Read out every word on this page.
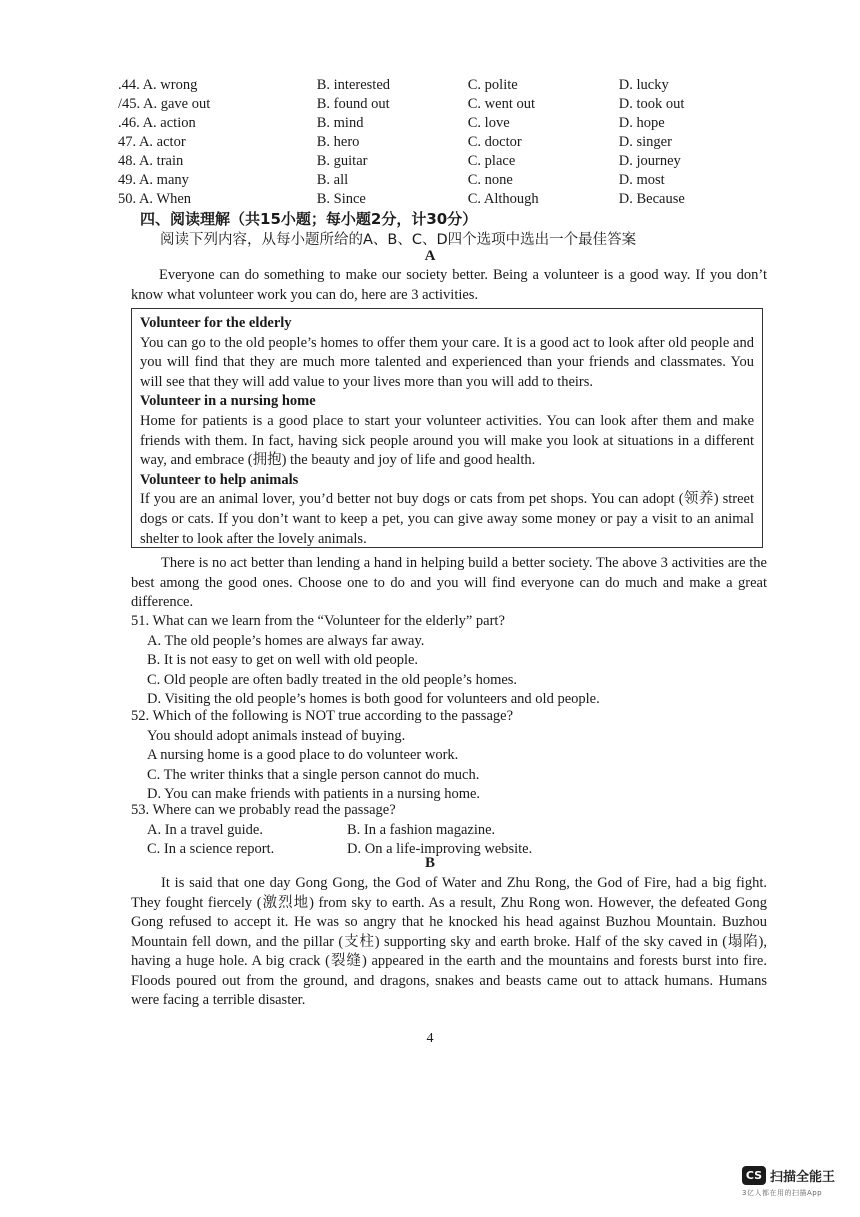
.44. A. wrong	B. interested	C. polite	D. lucky
/45. A. gave out	B. found out	C. went out	D. took out
.46. A. action	B. mind	C. love	D. hope
47. A. actor	B. hero	C. doctor	D. singer
48. A. train	B. guitar	C. place	D. journey
49. A. many	B. all	C. none	D. most
50. A. When	B. Since	C. Although	D. Because
四、阅读理解（共15小题；每小题2分，计30分）
阅读下列内容，从每小题所给的A、B、C、D四个选项中选出一个最佳答案
A
Everyone can do something to make our society better. Being a volunteer is a good way. If you don’t know what volunteer work you can do, here are 3 activities.
Volunteer for the elderly
You can go to the old people’s homes to offer them your care. It is a good act to look after old people and you will find that they are much more talented and experienced than your friends and classmates. You will see that they will add value to your lives more than you will add to theirs.
Volunteer in a nursing home
Home for patients is a good place to start your volunteer activities. You can look after them and make friends with them. In fact, having sick people around you will make you look at situations in a different way, and embrace (拥抱) the beauty and joy of life and good health.
Volunteer to help animals
If you are an animal lover, you’d better not buy dogs or cats from pet shops. You can adopt (领养) street dogs or cats. If you don’t want to keep a pet, you can give away some money or pay a visit to an animal shelter to look after the lovely animals.
There is no act better than lending a hand in helping build a better society. The above 3 activities are the best among the good ones. Choose one to do and you will find everyone can do much and make a great difference.
51. What can we learn from the “Volunteer for the elderly” part?
A. The old people’s homes are always far away.
B. It is not easy to get on well with old people.
C. Old people are often badly treated in the old people’s homes.
D. Visiting the old people’s homes is both good for volunteers and old people.
52. Which of the following is NOT true according to the passage?
You should adopt animals instead of buying.
A nursing home is a good place to do volunteer work.
C. The writer thinks that a single person cannot do much.
D. You can make friends with patients in a nursing home.
53. Where can we probably read the passage?
A. In a travel guide.	B. In a fashion magazine.
C. In a science report.	D. On a life-improving website.
B
It is said that one day Gong Gong, the God of Water and Zhu Rong, the God of Fire, had a big fight. They fought fiercely (激烈地) from sky to earth. As a result, Zhu Rong won. However, the defeated Gong Gong refused to accept it. He was so angry that he knocked his head against Buzhou Mountain. Buzhou Mountain fell down, and the pillar (支柱) supporting sky and earth broke. Half of the sky caved in (塌陷), having a huge hole. A big crack (裂缝) appeared in the earth and the mountains and forests burst into fire. Floods poured out from the ground, and dragons, snakes and beasts came out to attack humans. Humans were facing a terrible disaster.
4
CS 扫描全能王
3亿人都在用的扫描App
